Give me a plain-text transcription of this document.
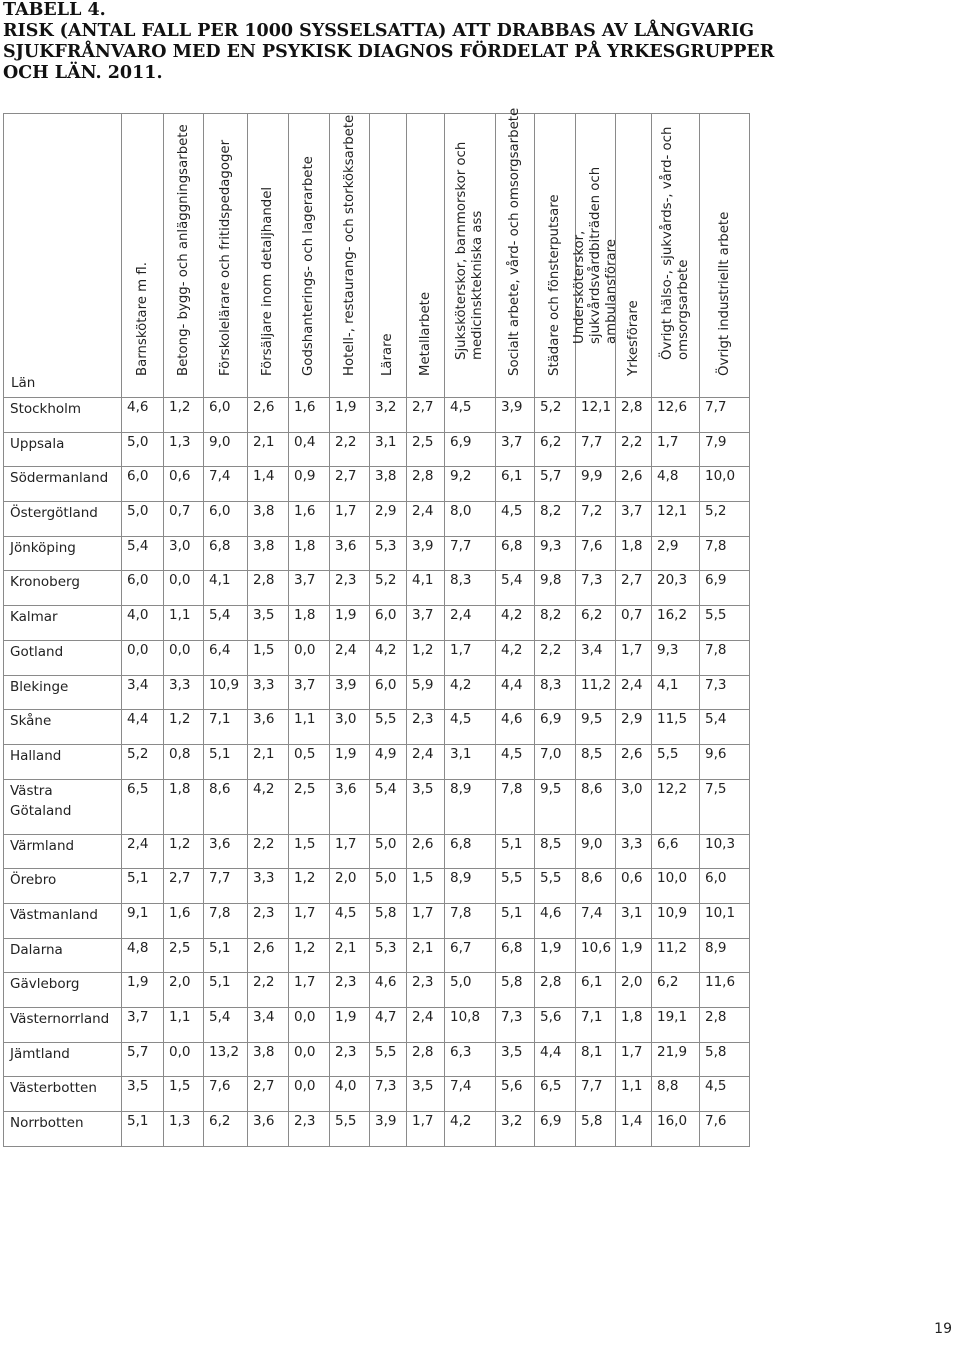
TABELL 4.
RISK (ANTAL FALL PER 1000 SYSSELSATTA) ATT DRABBAS AV LÅNGVARIG
SJUKFRÅNVARO MED EN PSYKISK DIAGNOS FÖRDELAT PÅ YRKESGRUPPER
OCH LÄN. 2011.
Län	Barnskötare m fl.	Betong- bygg- och anläggningsarbete	Förskolelärare och fritidspedagoger	Försäljare inom detaljhandel	Godshanterings- och lagerarbete	Hotell-, restaurang- och storköksarbete	Lärare	Metallarbete	Sjuksköterskor, barnmorskor och medicinsktekniska ass	Socialt arbete, vård- och omsorgsarbete	Städare och fönsterputsare	Undersköterskor, sjukvårdsvårdbiträden och ambulansförare	Yrkesförare	Övrigt hälso-, sjukvårds-, vård- och omsorgsarbete	Övrigt industriellt arbete

Stockholm	4,6	1,2	6,0	2,6	1,6	1,9	3,2	2,7	4,5	3,9	5,2	12,1	2,8	12,6	7,7
Uppsala	5,0	1,3	9,0	2,1	0,4	2,2	3,1	2,5	6,9	3,7	6,2	7,7	2,2	1,7	7,9
Södermanland	6,0	0,6	7,4	1,4	0,9	2,7	3,8	2,8	9,2	6,1	5,7	9,9	2,6	4,8	10,0
Östergötland	5,0	0,7	6,0	3,8	1,6	1,7	2,9	2,4	8,0	4,5	8,2	7,2	3,7	12,1	5,2
Jönköping	5,4	3,0	6,8	3,8	1,8	3,6	5,3	3,9	7,7	6,8	9,3	7,6	1,8	2,9	7,8
Kronoberg	6,0	0,0	4,1	2,8	3,7	2,3	5,2	4,1	8,3	5,4	9,8	7,3	2,7	20,3	6,9
Kalmar	4,0	1,1	5,4	3,5	1,8	1,9	6,0	3,7	2,4	4,2	8,2	6,2	0,7	16,2	5,5
Gotland	0,0	0,0	6,4	1,5	0,0	2,4	4,2	1,2	1,7	4,2	2,2	3,4	1,7	9,3	7,8
Blekinge	3,4	3,3	10,9	3,3	3,7	3,9	6,0	5,9	4,2	4,4	8,3	11,2	2,4	4,1	7,3
Skåne	4,4	1,2	7,1	3,6	1,1	3,0	5,5	2,3	4,5	4,6	6,9	9,5	2,9	11,5	5,4
Halland	5,2	0,8	5,1	2,1	0,5	1,9	4,9	2,4	3,1	4,5	7,0	8,5	2,6	5,5	9,6
Västra Götaland	6,5	1,8	8,6	4,2	2,5	3,6	5,4	3,5	8,9	7,8	9,5	8,6	3,0	12,2	7,5
Värmland	2,4	1,2	3,6	2,2	1,5	1,7	5,0	2,6	6,8	5,1	8,5	9,0	3,3	6,6	10,3
Örebro	5,1	2,7	7,7	3,3	1,2	2,0	5,0	1,5	8,9	5,5	5,5	8,6	0,6	10,0	6,0
Västmanland	9,1	1,6	7,8	2,3	1,7	4,5	5,8	1,7	7,8	5,1	4,6	7,4	3,1	10,9	10,1
Dalarna	4,8	2,5	5,1	2,6	1,2	2,1	5,3	2,1	6,7	6,8	1,9	10,6	1,9	11,2	8,9
Gävleborg	1,9	2,0	5,1	2,2	1,7	2,3	4,6	2,3	5,0	5,8	2,8	6,1	2,0	6,2	11,6
Västernorrland	3,7	1,1	5,4	3,4	0,0	1,9	4,7	2,4	10,8	7,3	5,6	7,1	1,8	19,1	2,8
Jämtland	5,7	0,0	13,2	3,8	0,0	2,3	5,5	2,8	6,3	3,5	4,4	8,1	1,7	21,9	5,8
Västerbotten	3,5	1,5	7,6	2,7	0,0	4,0	7,3	3,5	7,4	5,6	6,5	7,7	1,1	8,8	4,5
Norrbotten	5,1	1,3	6,2	3,6	2,3	5,5	3,9	1,7	4,2	3,2	6,9	5,8	1,4	16,0	7,6
19
